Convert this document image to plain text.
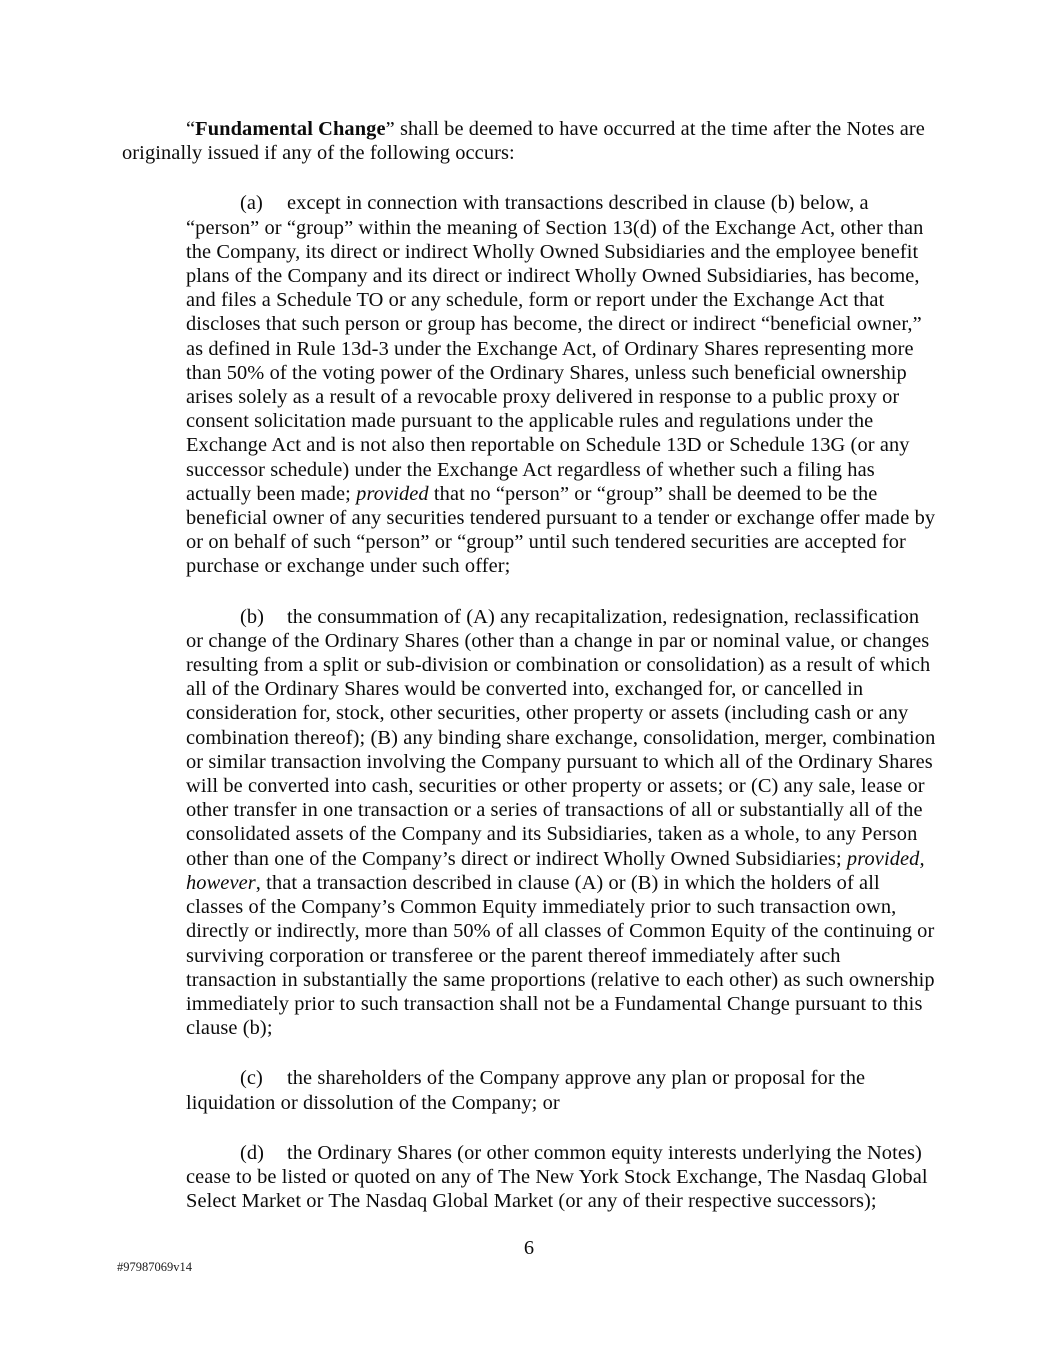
“Fundamental Change” shall be deemed to have occurred at the time after the Notes are originally issued if any of the following occurs:

(a) except in connection with transactions described in clause (b) below, a “person” or “group” within the meaning of Section 13(d) of the Exchange Act, other than the Company, its direct or indirect Wholly Owned Subsidiaries and the employee benefit plans of the Company and its direct or indirect Wholly Owned Subsidiaries, has become, and files a Schedule TO or any schedule, form or report under the Exchange Act that discloses that such person or group has become, the direct or indirect “beneficial owner,” as defined in Rule 13d-3 under the Exchange Act, of Ordinary Shares representing more than 50% of the voting power of the Ordinary Shares, unless such beneficial ownership arises solely as a result of a revocable proxy delivered in response to a public proxy or consent solicitation made pursuant to the applicable rules and regulations under the Exchange Act and is not also then reportable on Schedule 13D or Schedule 13G (or any successor schedule) under the Exchange Act regardless of whether such a filing has actually been made; provided that no “person” or “group” shall be deemed to be the beneficial owner of any securities tendered pursuant to a tender or exchange offer made by or on behalf of such “person” or “group” until such tendered securities are accepted for purchase or exchange under such offer;

(b) the consummation of (A) any recapitalization, redesignation, reclassification or change of the Ordinary Shares (other than a change in par or nominal value, or changes resulting from a split or sub-division or combination or consolidation) as a result of which all of the Ordinary Shares would be converted into, exchanged for, or cancelled in consideration for, stock, other securities, other property or assets (including cash or any combination thereof); (B) any binding share exchange, consolidation, merger, combination or similar transaction involving the Company pursuant to which all of the Ordinary Shares will be converted into cash, securities or other property or assets; or (C) any sale, lease or other transfer in one transaction or a series of transactions of all or substantially all of the consolidated assets of the Company and its Subsidiaries, taken as a whole, to any Person other than one of the Company’s direct or indirect Wholly Owned Subsidiaries; provided, however, that a transaction described in clause (A) or (B) in which the holders of all classes of the Company’s Common Equity immediately prior to such transaction own, directly or indirectly, more than 50% of all classes of Common Equity of the continuing or surviving corporation or transferee or the parent thereof immediately after such transaction in substantially the same proportions (relative to each other) as such ownership immediately prior to such transaction shall not be a Fundamental Change pursuant to this clause (b);

(c) the shareholders of the Company approve any plan or proposal for the liquidation or dissolution of the Company; or

(d) the Ordinary Shares (or other common equity interests underlying the Notes) cease to be listed or quoted on any of The New York Stock Exchange, The Nasdaq Global Select Market or The Nasdaq Global Market (or any of their respective successors);

6
#97987069v14
